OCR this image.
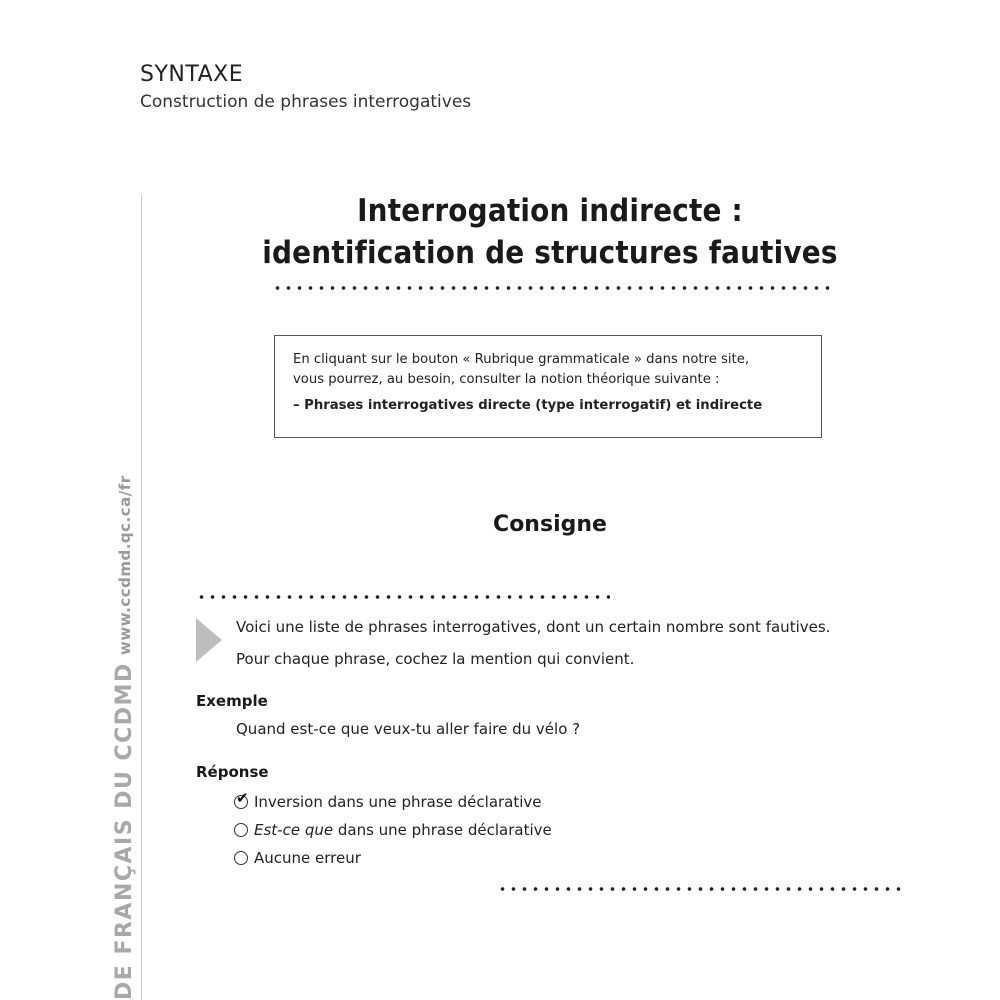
SYNTAXE
Construction de phrases interrogatives
www.ccdmd.qc.ca/fr
DE FRANÇAIS DU CCDMD
Interrogation indirecte :
identification de structures fautives
En cliquant sur le bouton « Rubrique grammaticale » dans notre site,
vous pourrez, au besoin, consulter la notion théorique suivante :
– Phrases interrogatives directe (type interrogatif) et indirecte
Consigne
Voici une liste de phrases interrogatives, dont un certain nombre sont fautives.
Pour chaque phrase, cochez la mention qui convient.
Exemple
Quand est-ce que veux-tu aller faire du vélo ?
Réponse
✔ Inversion dans une phrase déclarative
Est-ce que dans une phrase déclarative
Aucune erreur
